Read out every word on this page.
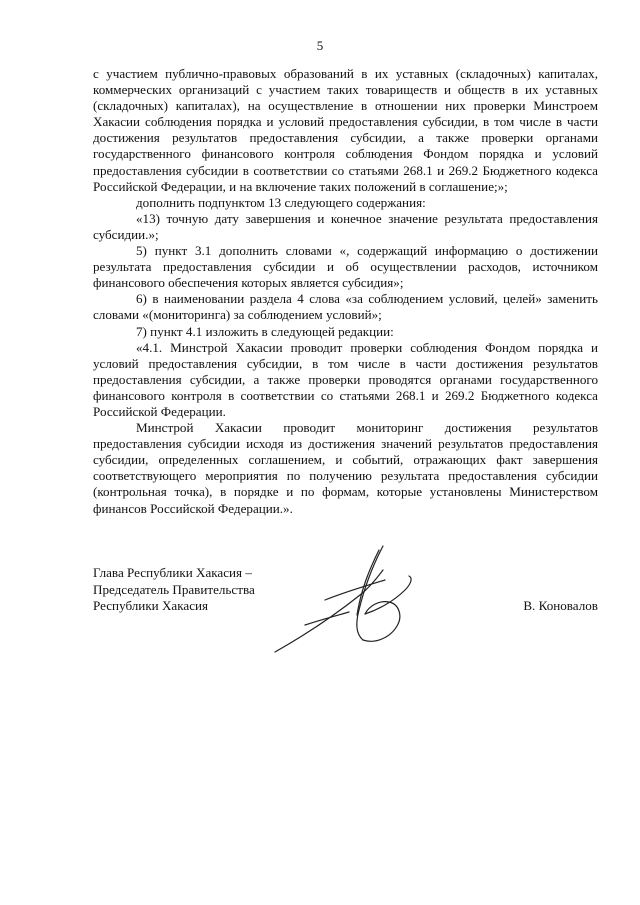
5

с участием публично-правовых образований в их уставных (складочных) капиталах, коммерческих организаций с участием таких товариществ и обществ в их уставных (складочных) капиталах), на осуществление в отношении них проверки Минстроем Хакасии соблюдения порядка и условий предоставления субсидии, в том числе в части достижения результатов предоставления субсидии, а также проверки органами государственного финансового контроля соблюдения Фондом порядка и условий предоставления субсидии в соответствии со статьями 268.1 и 269.2 Бюджетного кодекса Российской Федерации, и на включение таких положений в соглашение;»;

дополнить подпунктом 13 следующего содержания:

«13) точную дату завершения и конечное значение результата предоставления субсидии.»;

5) пункт 3.1 дополнить словами «, содержащий информацию о достижении результата предоставления субсидии и об осуществлении расходов, источником финансового обеспечения которых является субсидия»;

6) в наименовании раздела 4 слова «за соблюдением условий, целей» заменить словами «(мониторинга) за соблюдением условий»;

7) пункт 4.1 изложить в следующей редакции:

«4.1. Минстрой Хакасии проводит проверки соблюдения Фондом порядка и условий предоставления субсидии, в том числе в части достижения результатов предоставления субсидии, а также проверки проводятся органами государственного финансового контроля в соответствии со статьями 268.1 и 269.2 Бюджетного кодекса Российской Федерации.

Минстрой Хакасии проводит мониторинг достижения результатов предоставления субсидии исходя из достижения значений результатов предоставления субсидии, определенных соглашением, и событий, отражающих факт завершения соответствующего мероприятия по получению результата предоставления субсидии (контрольная точка), в порядке и по формам, которые установлены Министерством финансов Российской Федерации.».

Глава Республики Хакасия –
Председатель Правительства
Республики Хакасия	В. Коновалов
